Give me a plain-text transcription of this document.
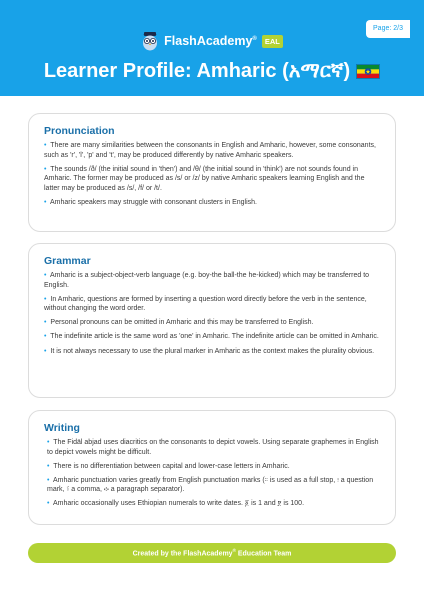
Page: 2/3
FlashAcademy®	EAL
Learner Profile: Amharic (አማርኛ)
Pronunciation

• There are many similarities between the consonants in English and Amharic, however, some consonants, such as 'r', 'l', 'p' and 't', may be produced differently by native Amharic speakers.

• The sounds /ð/ (the initial sound in 'then') and /θ/ (the initial sound in 'think') are not sounds found in Amharic. The former may be produced as /s/ or /z/ by native Amharic speakers learning English and the latter may be produced as /s/, /f/ or /t/.

• Amharic speakers may struggle with consonant clusters in English.

Grammar

• Amharic is a subject-object-verb language (e.g. boy-the ball-the he-kicked) which may be transferred to English.

• In Amharic, questions are formed by inserting a question word directly before the verb in the sentence, without changing the word order.

• Personal pronouns can be omitted in Amharic and this may be transferred to English.

• The indefinite article is the same word as 'one' in Amharic. The indefinite article can be omitted in Amharic.

• It is not always necessary to use the plural marker in Amharic as the context makes the plurality obvious.

Writing

• The Fidäl abjad uses diacritics on the consonants to depict vowels. Using separate graphemes in English to depict vowels might be difficult.

• There is no differentiation between capital and lower-case letters in Amharic.

• Amharic punctuation varies greatly from English punctuation marks (። is used as a full stop, ፧ a question mark, ፣ a comma, ፨ a paragraph separator).

• Amharic occasionally uses Ethiopian numerals to write dates. ፩ is 1 and ፻ is 100.

Created by the FlashAcademy® Education Team
